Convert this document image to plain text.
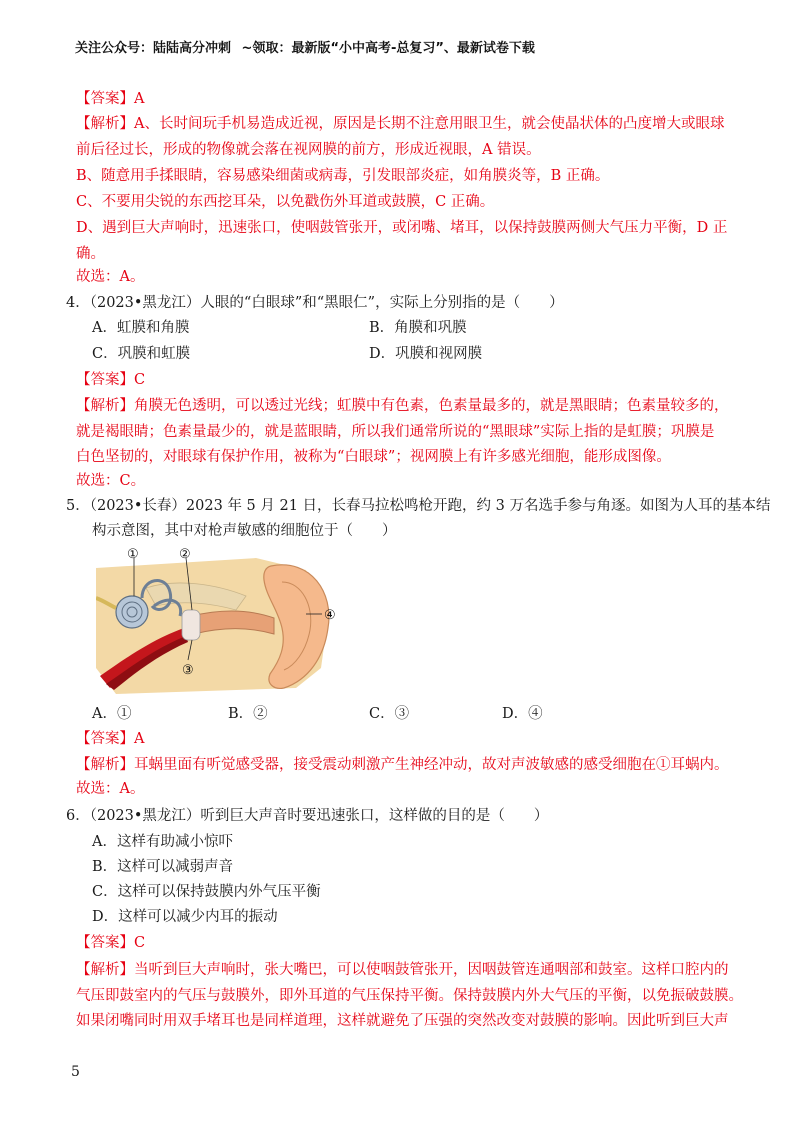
关注公众号：陆陆高分冲刺 ~领取：最新版“小中高考-总复习”、最新试卷下载
【答案】A
【解析】A、长时间玩手机易造成近视，原因是长期不注意用眼卫生，就会使晶状体的凸度增大或眼球
前后径过长，形成的物像就会落在视网膜的前方，形成近视眼，A 错误。
B、随意用手揉眼睛，容易感染细菌或病毒，引发眼部炎症，如角膜炎等，B 正确。
C、不要用尖锐的东西挖耳朵，以免戳伤外耳道或鼓膜，C 正确。
D、遇到巨大声响时，迅速张口，使咽鼓管张开，或闭嘴、堵耳，以保持鼓膜两侧大气压力平衡，D 正
确。
故选：A。
4．（2023•黑龙江）人眼的“白眼球”和“黑眼仁”，实际上分别指的是（　　）
A．虹膜和角膜	B．角膜和巩膜
C．巩膜和虹膜	D．巩膜和视网膜
【答案】C
【解析】角膜无色透明，可以透过光线；虹膜中有色素，色素量最多的，就是黑眼睛；色素量较多的，
就是褐眼睛；色素量最少的，就是蓝眼睛，所以我们通常所说的“黑眼球”实际上指的是虹膜；巩膜是
白色坚韧的，对眼球有保护作用，被称为“白眼球”；视网膜上有许多感光细胞，能形成图像。
故选：C。
5．（2023•长春）2023 年 5 月 21 日，长春马拉松鸣枪开跑，约 3 万名选手参与角逐。如图为人耳的基本结
构示意图，其中对枪声敏感的细胞位于（　　）
①	②
③
④
A．①	B．②	C．③	D．④
【答案】A
【解析】耳蜗里面有听觉感受器，接受震动刺激产生神经冲动，故对声波敏感的感受细胞在①耳蜗内。
故选：A。
6．（2023•黑龙江）听到巨大声音时要迅速张口，这样做的目的是（　　）
A．这样有助减小惊吓
B．这样可以减弱声音
C．这样可以保持鼓膜内外气压平衡
D．这样可以减少内耳的振动
【答案】C
【解析】当听到巨大声响时，张大嘴巴，可以使咽鼓管张开，因咽鼓管连通咽部和鼓室。这样口腔内的
气压即鼓室内的气压与鼓膜外，即外耳道的气压保持平衡。保持鼓膜内外大气压的平衡，以免振破鼓膜。
如果闭嘴同时用双手堵耳也是同样道理，这样就避免了压强的突然改变对鼓膜的影响。因此听到巨大声
5
